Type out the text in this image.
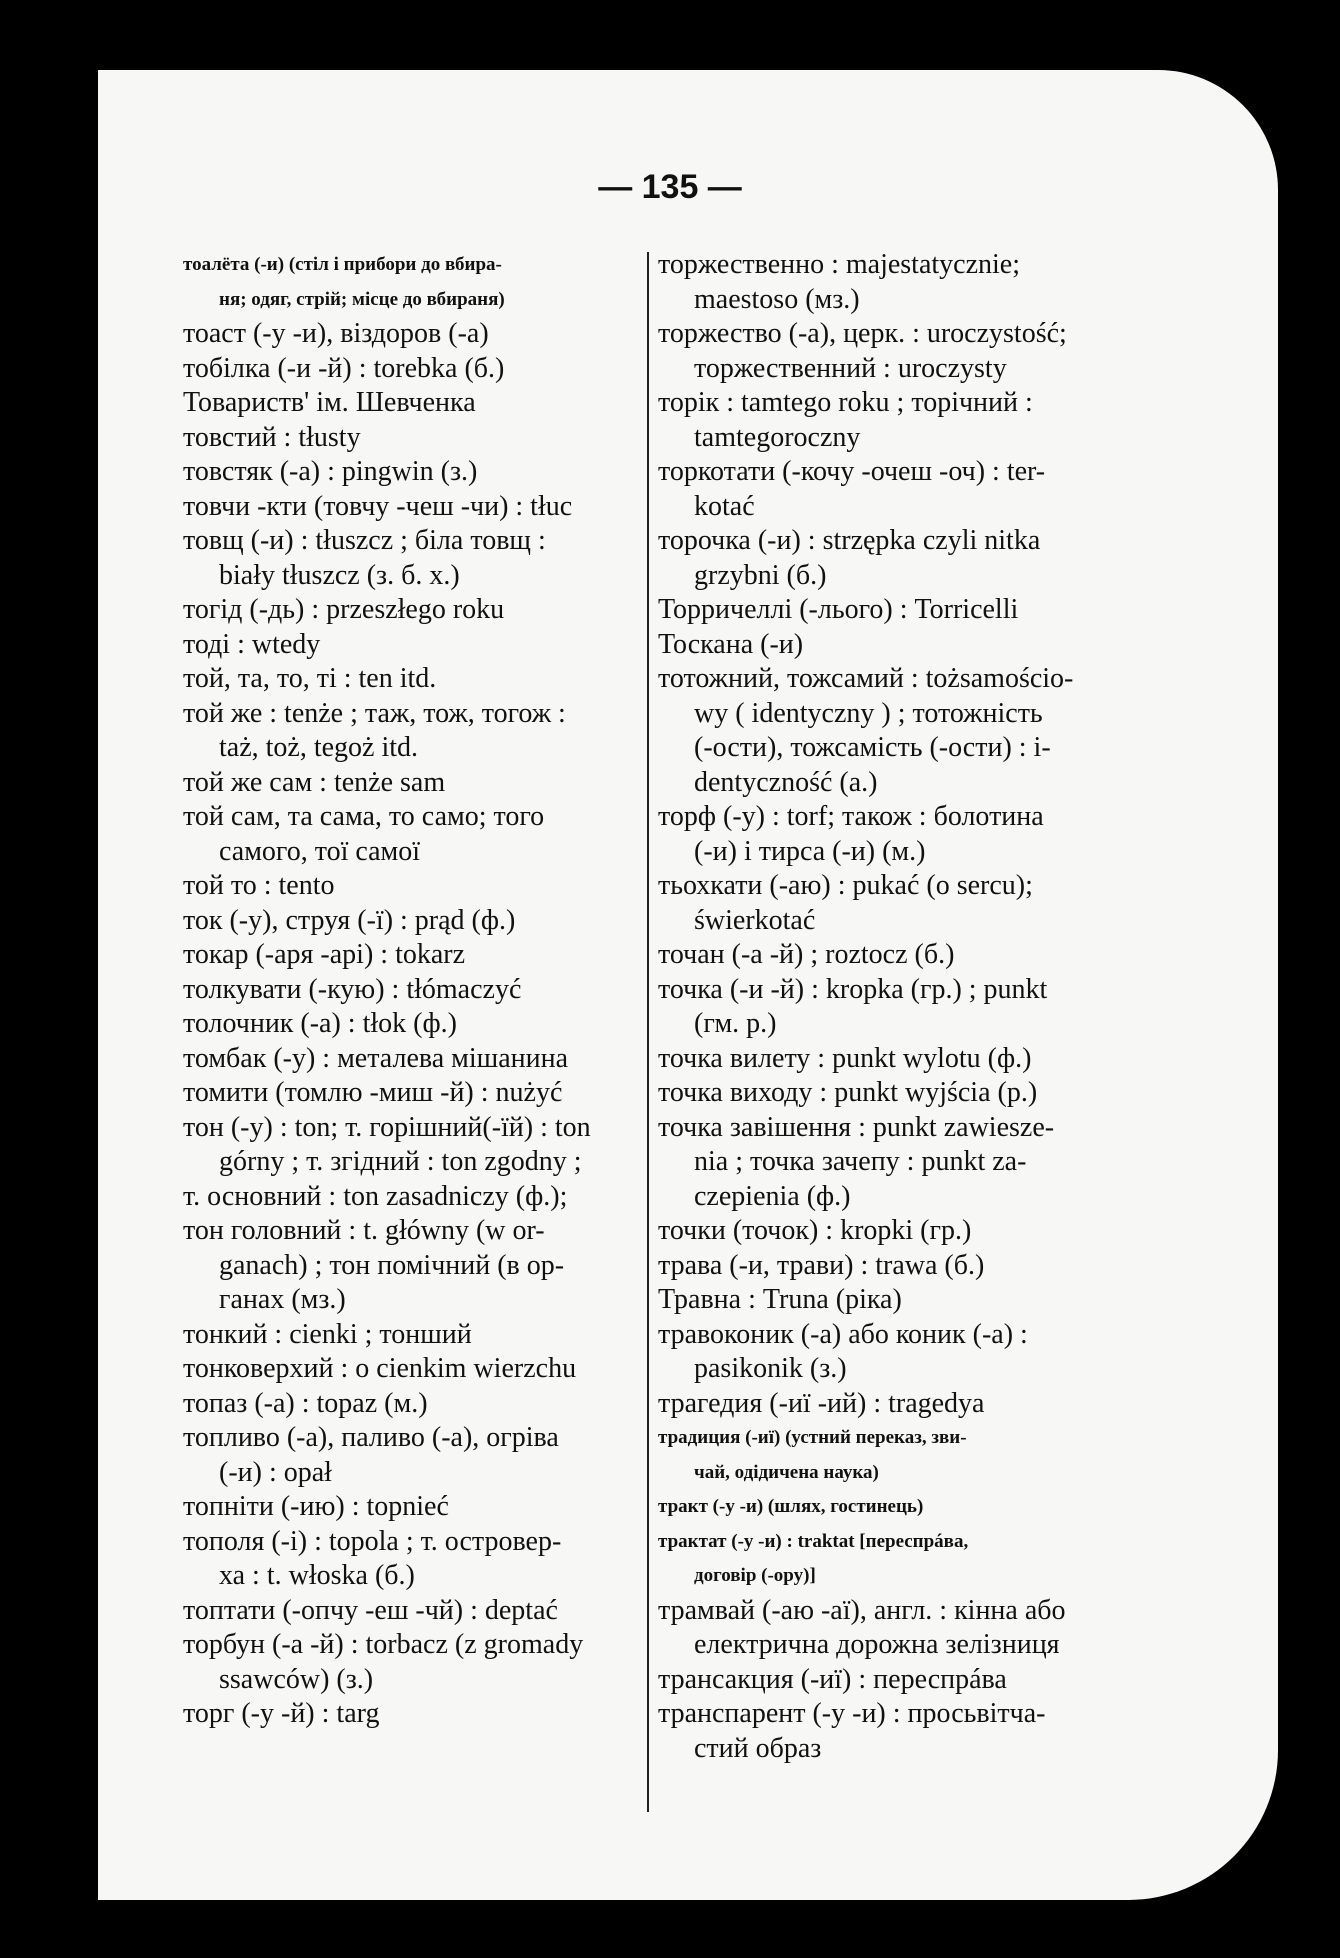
— 135 —
тоалёта (-и) (стіл і прибори до вбира-
ня; одяг, стрій; місце до вбираня)
тоаст (-у -и), віздоров (-а)
тобілка (-и -й) : torebka (б.)
Товариств' ім. Шевченка
товстий : tłusty
товстяк (-а) : pingwin (з.)
товчи -кти (товчу -чеш -чи) : tłuc
товщ (-и) : tłuszcz ; біла товщ :
biały tłuszcz (з. б. х.)
тогід (-дь) : przeszłego roku
тоді : wtedy
той, та, то, ті : ten itd.
той же : tenże ; таж, тож, тогож :
taż, toż, tegoż itd.
той же сам : tenże sam
той сам, та сама, то само; того
самого, тої самої
той то : tento
ток (-у), струя (-ї) : prąd (ф.)
токар (-аря -арі) : tokarz
толкувати (-кую) : tłómaczyć
толочник (-а) : tłok (ф.)
томбак (-у) : металева мішанина
томити (томлю -миш -й) : nużyć
тон (-у) : ton; т. горішний(-їй) : ton
górny ; т. згідний : ton zgodny ;
т. основний : ton zasadniczy (ф.);
тон головний : t. główny (w or-
ganach) ; тон помічний (в ор-
ганах (мз.)
тонкий : cienki ; тонший
тонковерхий : o cienkim wierzchu
топаз (-а) : topaz (м.)
топливо (-а), паливо (-а), огріва
(-и) : opał
топніти (-ию) : topnieć
тополя (-і) : topola ; т. островер-
ха : t. włoska (б.)
топтати (-опчу -еш -чй) : deptać
торбун (-а -й) : torbacz (z gromady
ssawców) (з.)
торг (-у -й) : targ
торжественно : majestatycznie;
maestoso (мз.)
торжество (-а), церк. : uroczystość;
торжественний : uroczysty
торік : tamtego roku ; торічний :
tamtegoroczny
торкотати (-кочу -очеш -оч) : ter-
kotać
торочка (-и) : strzępka czyli nitka
grzybni (б.)
Торричеллі (-лього) : Torricelli
Тоскана (-и)
тотожний, тожсамий : tożsamościo-
wy ( identyczny ) ; тотожність
(-ости), тожсамість (-ости) : i-
dentyczność (а.)
торф (-у) : torf; також : болотина
(-и) і тирса (-и) (м.)
тьохкати (-аю) : pukać (o sercu);
świerkotać
точан (-а -й) ; roztocz (б.)
точка (-и -й) : kropka (гр.) ; punkt
(гм. р.)
точка вилету : punkt wylotu (ф.)
точка виходу : punkt wyjścia (р.)
точка завішення : punkt zawiesze-
nia ; точка зачепу : punkt za-
czepienia (ф.)
точки (точок) : kropki (гр.)
трава (-и, трави) : trawa (б.)
Травна : Truna (ріка)
травоконик (-а) або коник (-а) :
pasikonik (з.)
трагедия (-иї -ий) : tragedya
традиция (-иї) (устний переказ, зви-
чай, одідичена наука)
тракт (-у -и) (шлях, гостинець)
трактат (-у -и) : traktat [переспрáва,
договір (-ору)]
трамвай (-аю -аї), англ. : кінна або
електрична дорожна зелізниця
трансакция (-иї) : переспрáва
транспарент (-у -и) : просьвітча-
стий образ
